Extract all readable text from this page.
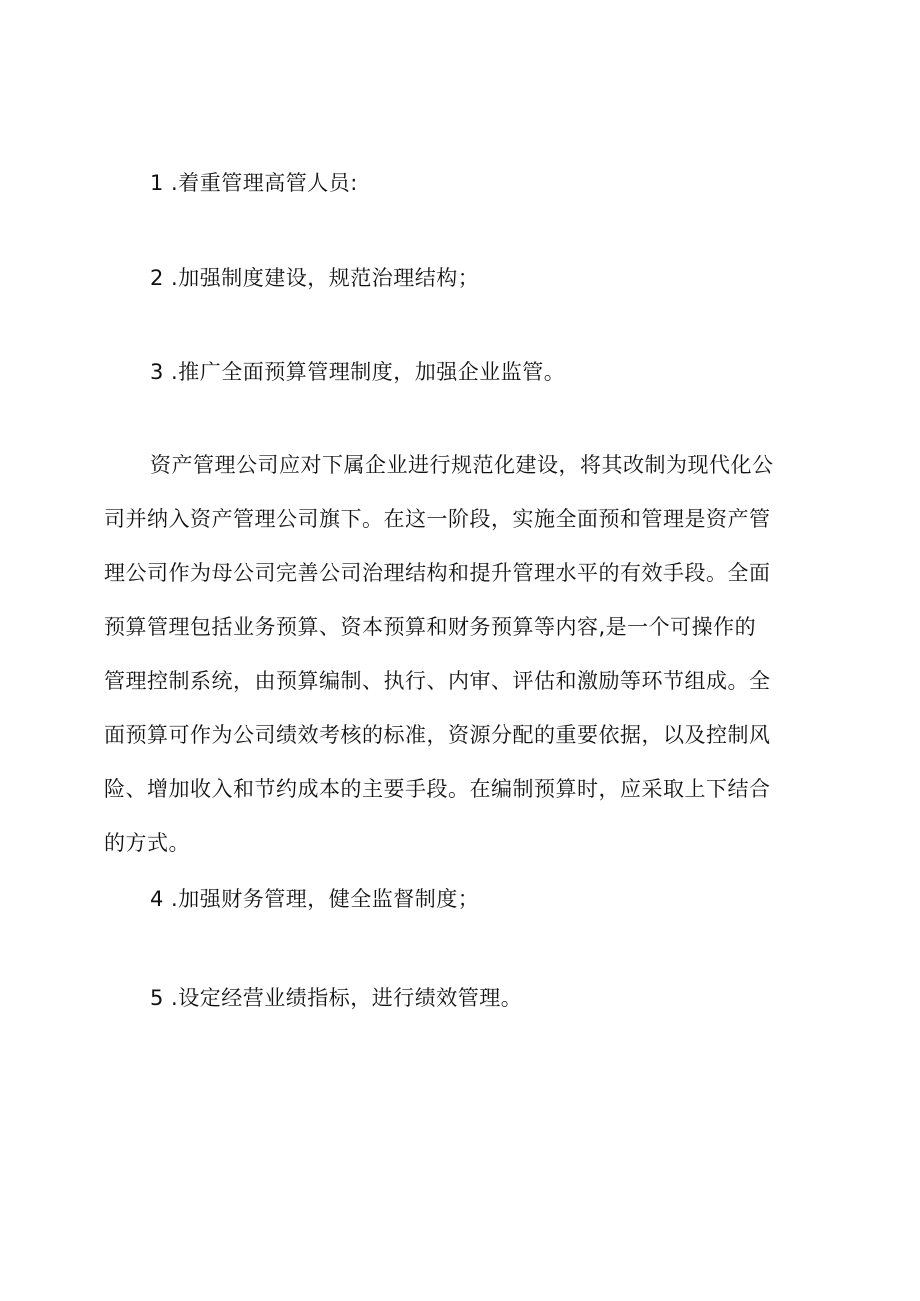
1 .着重管理高管人员:
2 .加强制度建设，规范治理结构；
3 .推广全面预算管理制度，加强企业监管。
资产管理公司应对下属企业进行规范化建设，将其改制为现代化公
司并纳入资产管理公司旗下。在这一阶段，实施全面预和管理是资产管
理公司作为母公司完善公司治理结构和提升管理水平的有效手段。全面
预算管理包括业务预算、资本预算和财务预算等内容,是一个可操作的
管理控制系统，由预算编制、执行、内审、评估和激励等环节组成。全
面预算可作为公司绩效考核的标准，资源分配的重要依据，以及控制风
险、增加收入和节约成本的主要手段。在编制预算时，应采取上下结合
的方式。
4 .加强财务管理，健全监督制度；
5 .设定经营业绩指标，进行绩效管理。
